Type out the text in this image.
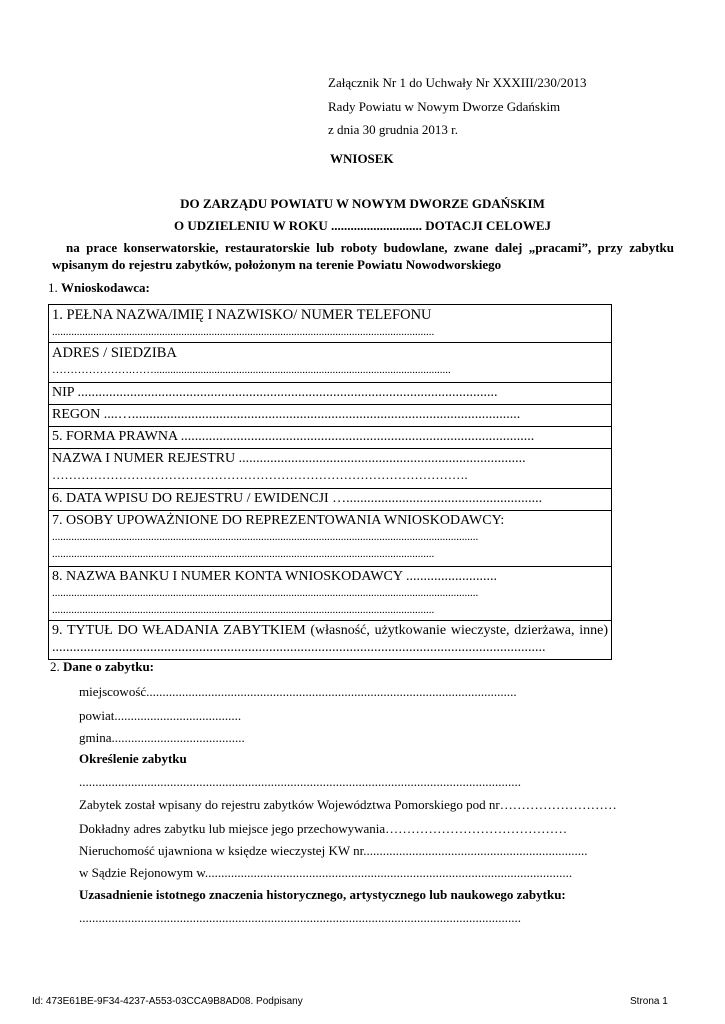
Załącznik Nr 1 do Uchwały Nr XXXIII/230/2013
Rady Powiatu w Nowym Dworze Gdańskim
z dnia 30 grudnia 2013 r.
WNIOSEK
DO ZARZĄDU POWIATU W NOWYM DWORZE GDAŃSKIM
O UDZIELENIU W ROKU ............................ DOTACJI CELOWEJ
na prace konserwatorskie, restauratorskie lub roboty budowlane, zwane dalej „pracami”, przy zabytku wpisanym do rejestru zabytków, położonym na terenie Powiatu Nowodworskiego
1. Wnioskodawca:
1. PEŁNA NAZWA/IMIĘ I NAZWISKO/ NUMER TELEFONU
...........................................................................................................................................
ADRES / SIEDZIBA
………………….……............................................................................................................
NIP ........................................................................................................................
REGON ....…...............................................................................................................
5. FORMA PRAWNA .....................................................................................................
NAZWA I NUMER REJESTRU ..................................................................................
……………………………………………………………………………………….
6. DATA WPISU DO REJESTRU / EWIDENCJI …........................................................
7. OSOBY UPOWAŻNIONE DO REPREZENTOWANIA WNIOSKODAWCY:
...........................................................................................................................................................
...........................................................................................................................................
8. NAZWA BANKU I NUMER KONTA WNIOSKODAWCY ..........................
...........................................................................................................................................................
...........................................................................................................................................
9. TYTUŁ DO WŁADANIA ZABYTKIEM (własność, użytkowanie wieczyste, dzierżawa, inne) .............................................................................................................................................
2. Dane o zabytku:
miejscowość..................................................................................................................
powiat.......................................
gmina.........................................
Określenie zabytku
........................................................................................................................................
Zabytek został wpisany do rejestru zabytków Województwa Pomorskiego pod nr………………………
Dokładny adres zabytku lub miejsce jego przechowywania……………………………………
Nieruchomość ujawniona w księdze wieczystej KW nr.....................................................................
w Sądzie Rejonowym w.................................................................................................................
Uzasadnienie istotnego znaczenia historycznego, artystycznego lub naukowego zabytku:
........................................................................................................................................
Id: 473E61BE-9F34-4237-A553-03CCA9B8AD08. Podpisany	Strona 1
